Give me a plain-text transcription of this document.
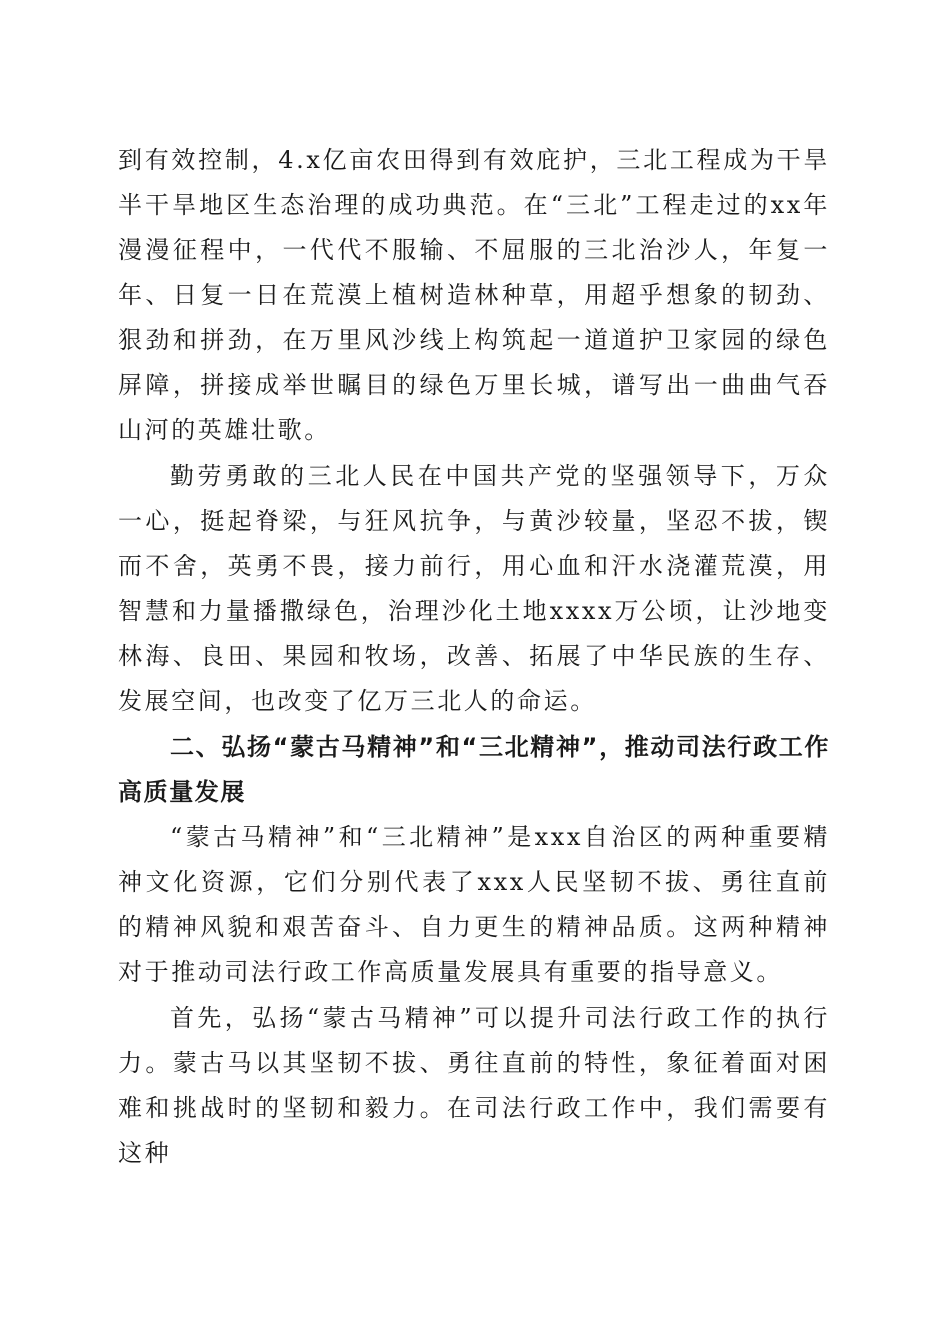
到有效控制，4.x亿亩农田得到有效庇护，三北工程成为干旱半干旱地区生态治理的成功典范。在“三北”工程走过的xx年漫漫征程中，一代代不服输、不屈服的三北治沙人，年复一年、日复一日在荒漠上植树造林种草，用超乎想象的韧劲、狠劲和拼劲，在万里风沙线上构筑起一道道护卫家园的绿色屏障，拼接成举世瞩目的绿色万里长城，谱写出一曲曲气吞山河的英雄壮歌。

勤劳勇敢的三北人民在中国共产党的坚强领导下，万众一心，挺起脊梁，与狂风抗争，与黄沙较量，坚忍不拔，锲而不舍，英勇不畏，接力前行，用心血和汗水浇灌荒漠，用智慧和力量播撒绿色，治理沙化土地xxxx万公顷，让沙地变林海、良田、果园和牧场，改善、拓展了中华民族的生存、发展空间，也改变了亿万三北人的命运。

二、弘扬“蒙古马精神”和“三北精神”，推动司法行政工作高质量发展

“蒙古马精神”和“三北精神”是xxx自治区的两种重要精神文化资源，它们分别代表了xxx人民坚韧不拔、勇往直前的精神风貌和艰苦奋斗、自力更生的精神品质。这两种精神对于推动司法行政工作高质量发展具有重要的指导意义。

首先，弘扬“蒙古马精神”可以提升司法行政工作的执行力。蒙古马以其坚韧不拔、勇往直前的特性，象征着面对困难和挑战时的坚韧和毅力。在司法行政工作中，我们需要有这种
